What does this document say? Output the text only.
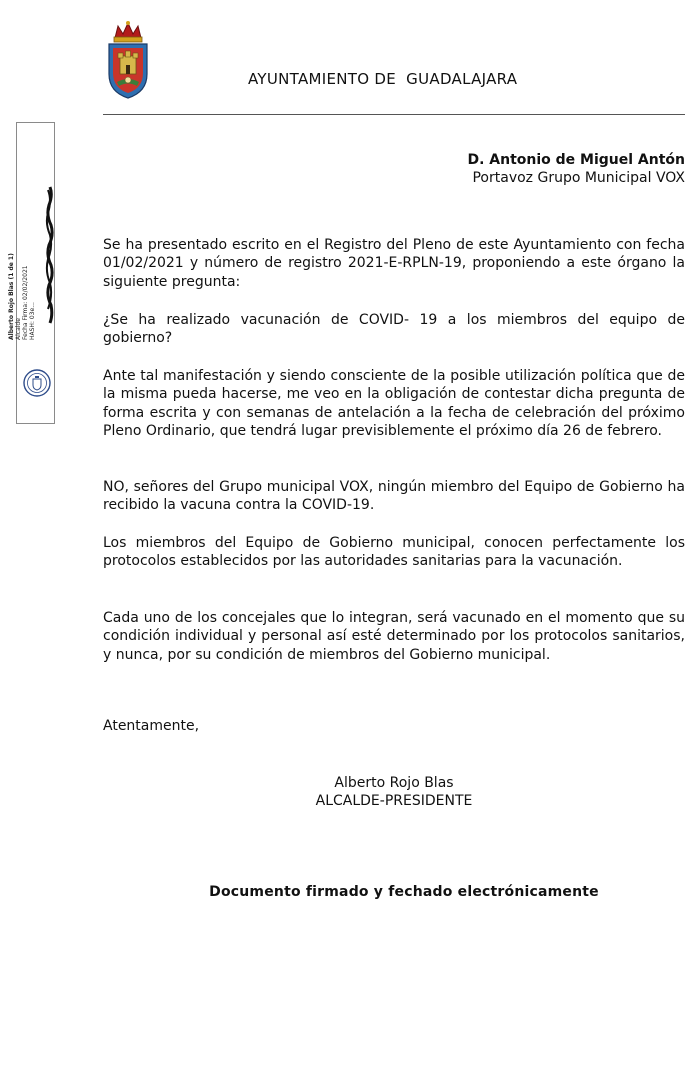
AYUNTAMIENTO DE  GUADALAJARA
Alberto Rojo Blas (1 de 1) Alcalde Fecha Firma: 02/02/2021 HASH: 03e...
D. Antonio de Miguel Antón
Portavoz Grupo Municipal VOX

Se ha presentado escrito en el Registro del Pleno de este Ayuntamiento con fecha 01/02/2021 y número de registro 2021-E-RPLN-19, proponiendo a este órgano la siguiente pregunta:

¿Se ha realizado vacunación de COVID- 19 a los miembros del equipo de gobierno?

Ante tal manifestación y siendo consciente de la posible utilización política que de la misma pueda hacerse, me veo en la obligación de contestar dicha pregunta de forma escrita y con semanas de antelación a la fecha de celebración del próximo Pleno Ordinario, que tendrá lugar previsiblemente el próximo día 26 de febrero.

NO, señores del Grupo municipal VOX, ningún miembro del Equipo de Gobierno ha recibido la vacuna contra la COVID-19.

Los miembros del Equipo de Gobierno municipal, conocen perfectamente los protocolos establecidos por las autoridades sanitarias para la vacunación.

Cada uno de los concejales que lo integran, será vacunado en el momento que su condición individual y personal así esté determinado por los protocolos sanitarios, y nunca, por su condición de miembros del Gobierno municipal.

Atentamente,
Alberto Rojo Blas
ALCALDE-PRESIDENTE
Documento firmado y fechado electrónicamente
